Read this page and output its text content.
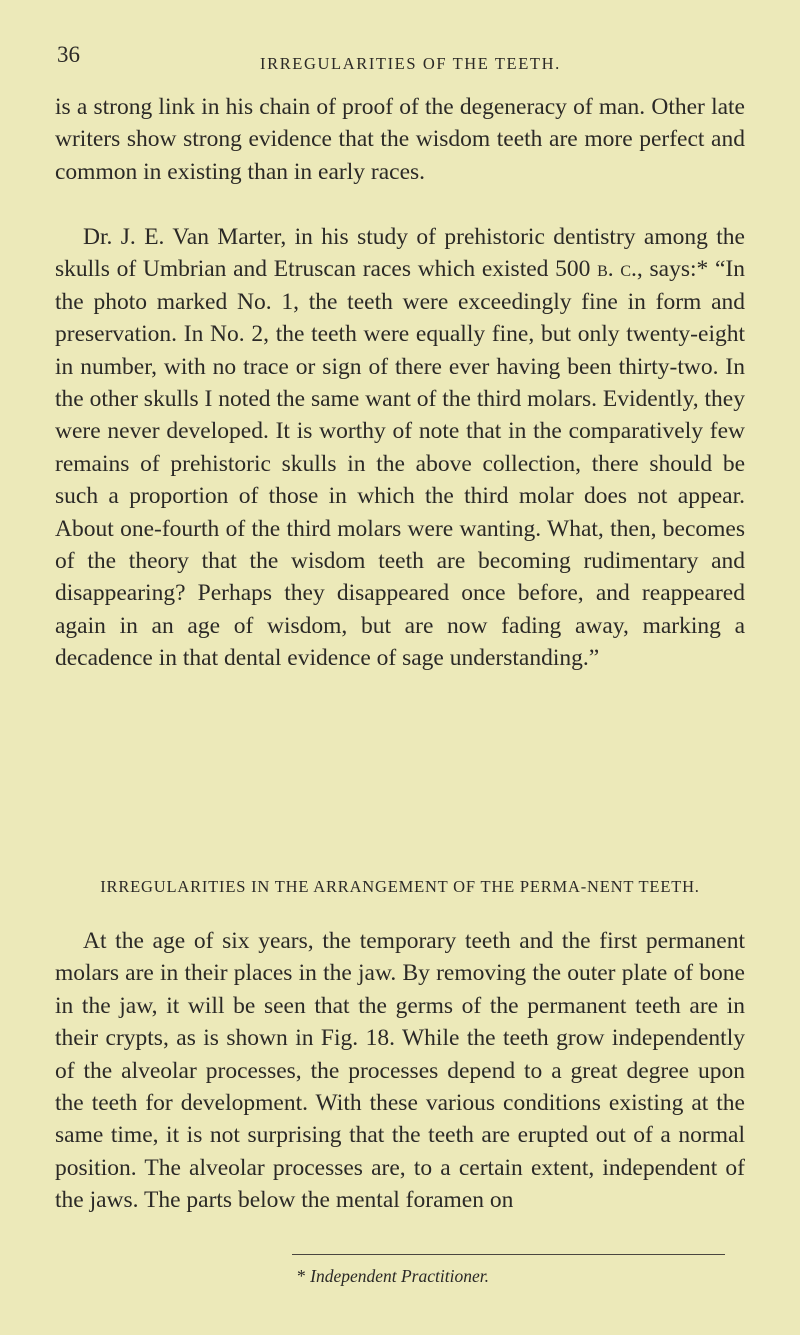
36	IRREGULARITIES OF THE TEETH.

is a strong link in his chain of proof of the degeneracy of man. Other late writers show strong evidence that the wisdom teeth are more perfect and common in existing than in early races.

Dr. J. E. Van Marter, in his study of prehistoric dentistry among the skulls of Umbrian and Etruscan races which existed 500 b. c., says:* “In the photo marked No. 1, the teeth were exceedingly fine in form and preservation. In No. 2, the teeth were equally fine, but only twenty-eight in number, with no trace or sign of there ever having been thirty-two. In the other skulls I noted the same want of the third molars. Evidently, they were never developed. It is worthy of note that in the comparatively few remains of prehistoric skulls in the above collection, there should be such a proportion of those in which the third molar does not appear. About one-fourth of the third molars were wanting. What, then, becomes of the theory that the wisdom teeth are becoming rudimentary and disappearing? Perhaps they disappeared once before, and reappeared again in an age of wisdom, but are now fading away, marking a decadence in that dental evidence of sage understanding.”

IRREGULARITIES IN THE ARRANGEMENT OF THE PERMA-NENT TEETH.

At the age of six years, the temporary teeth and the first permanent molars are in their places in the jaw. By removing the outer plate of bone in the jaw, it will be seen that the germs of the permanent teeth are in their crypts, as is shown in Fig. 18. While the teeth grow independently of the alveolar processes, the processes depend to a great degree upon the teeth for development. With these various conditions existing at the same time, it is not surprising that the teeth are erupted out of a normal position. The alveolar processes are, to a certain extent, independent of the jaws. The parts below the mental foramen on

* Independent Practitioner.
